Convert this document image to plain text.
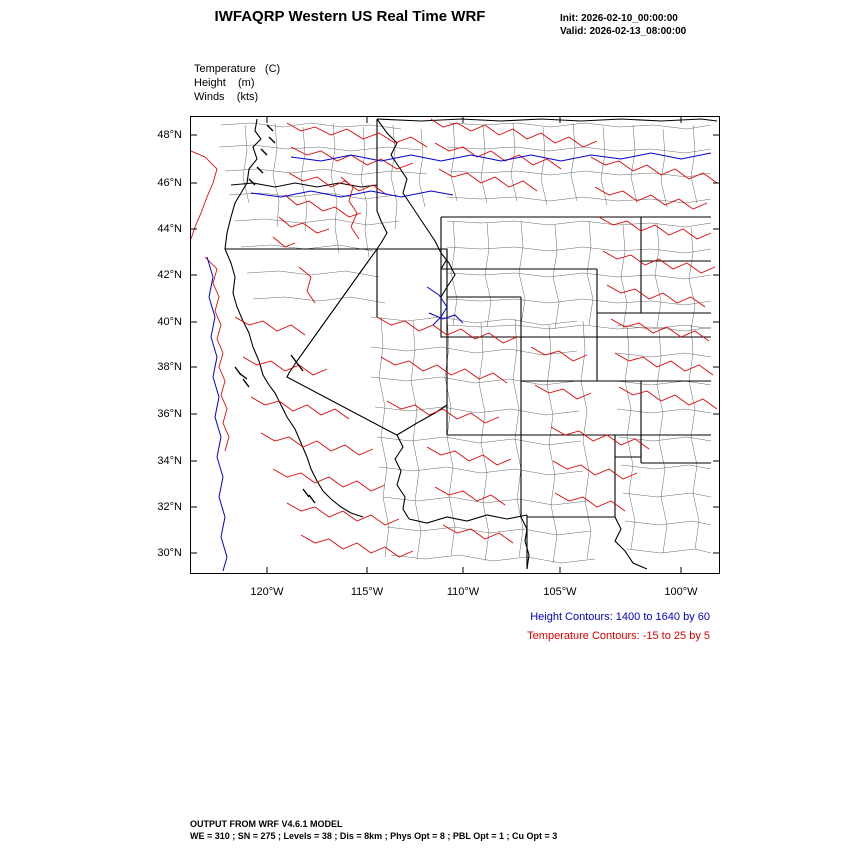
IWFAQRP Western US Real Time WRF	Init: 2026-02-10_00:00:00
Valid: 2026-02-13_08:00:00
Temperature   (C)
Height    (m)
Winds    (kts)
48°N
46°N
44°N
42°N
40°N
38°N
36°N
34°N
32°N
30°N
120°W	115°W	110°W	105°W	100°W
Height Contours: 1400 to 1640 by 60
Temperature Contours: -15 to 25 by 5
OUTPUT FROM WRF V4.6.1 MODEL
WE = 310 ; SN = 275 ; Levels = 38 ; Dis = 8km ; Phys Opt = 8 ; PBL Opt = 1 ; Cu Opt = 3
